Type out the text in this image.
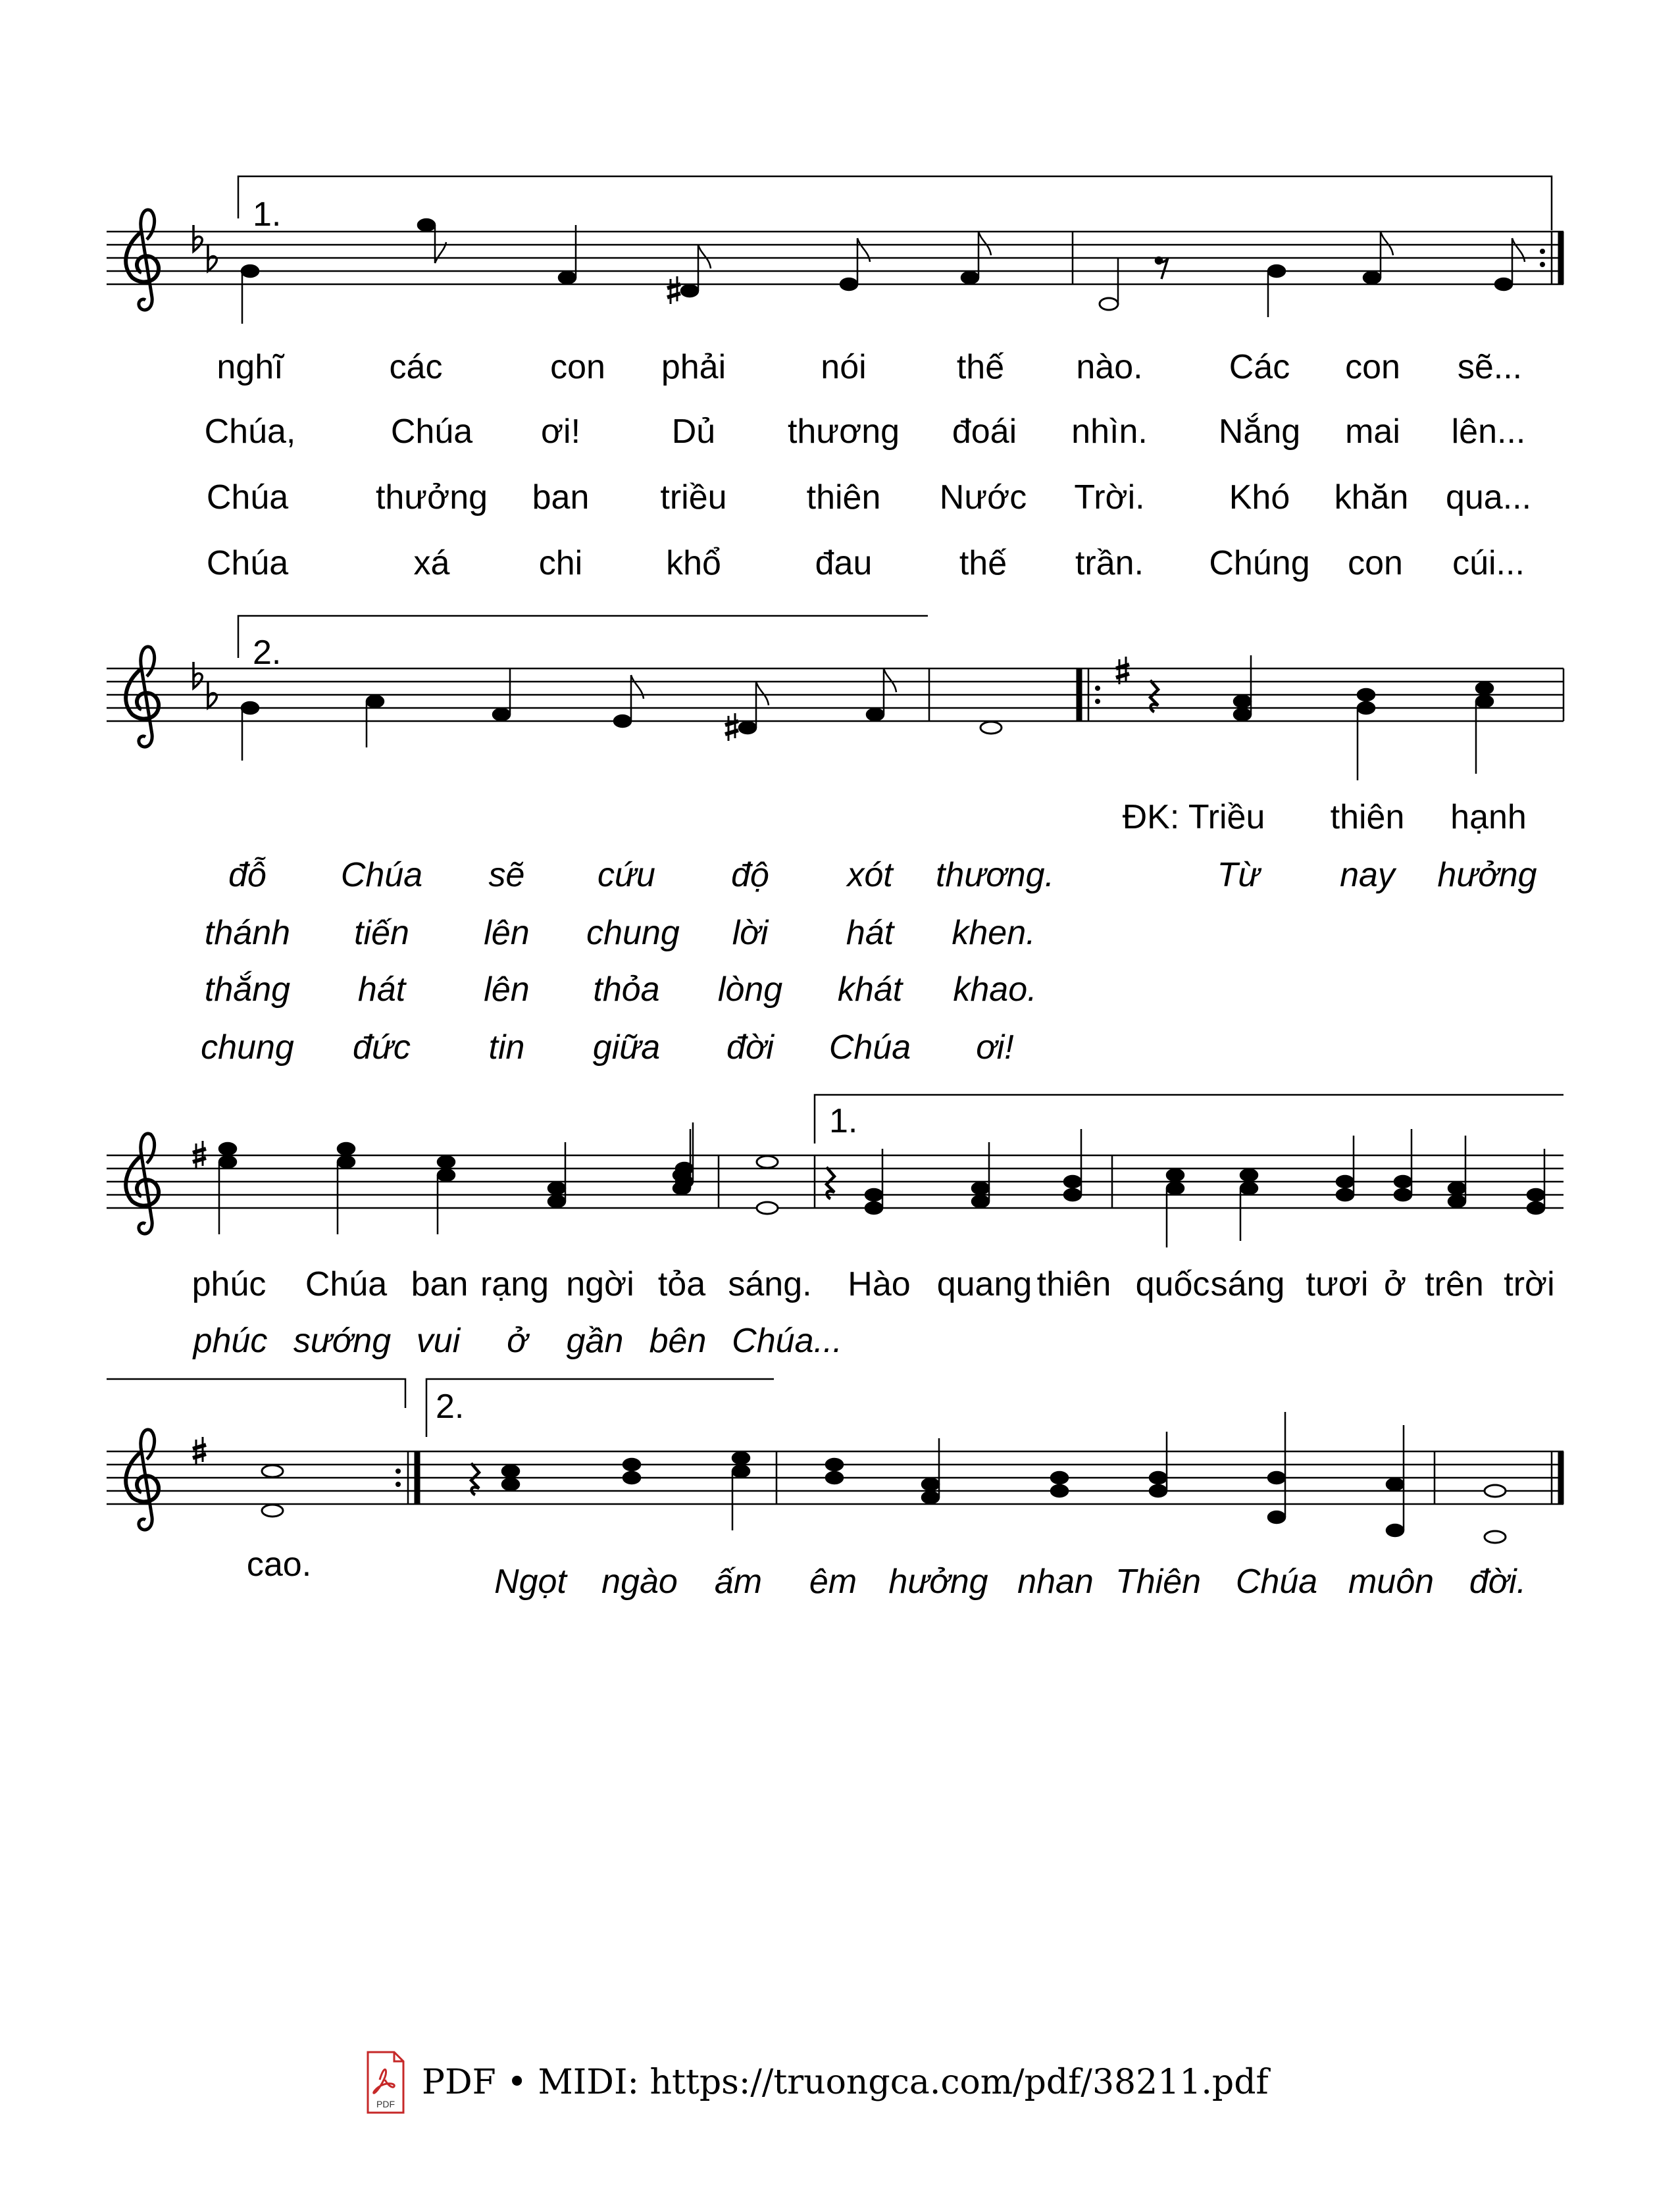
1.
2.
1.
2.
nghĩ	các	con phải	nói	thế nào.	Các con sẽ...
Chúa,	Chúa ơi!	Dủ thương đoái nhìn. Nắng mai lên...
Chúa	thưởng ban triều thiên Nước Trời. Khó khăn qua...
Chúa	xá	chi khổ	đau	thế trần. Chúng con cúi...
ĐK: Triều thiên hạnh
đỗ Chúa sẽ cứu độ xót thương.	Từ nay hưởng
thánh tiến lên chung lời hát khen.
thắng hát lên thỏa lòng khát khao.
chung đức tin giữa đời Chúa ơi!
phúc Chúa ban rạng ngời tỏa sáng. Hào quang thiên quốc sáng tươi ở trên trời
phúc sướng vui ở gần bên Chúa...
cao.	Ngọt ngào ấm êm hưởng nhan Thiên Chúa muôn đời.
PDF
PDF • MIDI: https://truongca.com/pdf/38211.pdf
